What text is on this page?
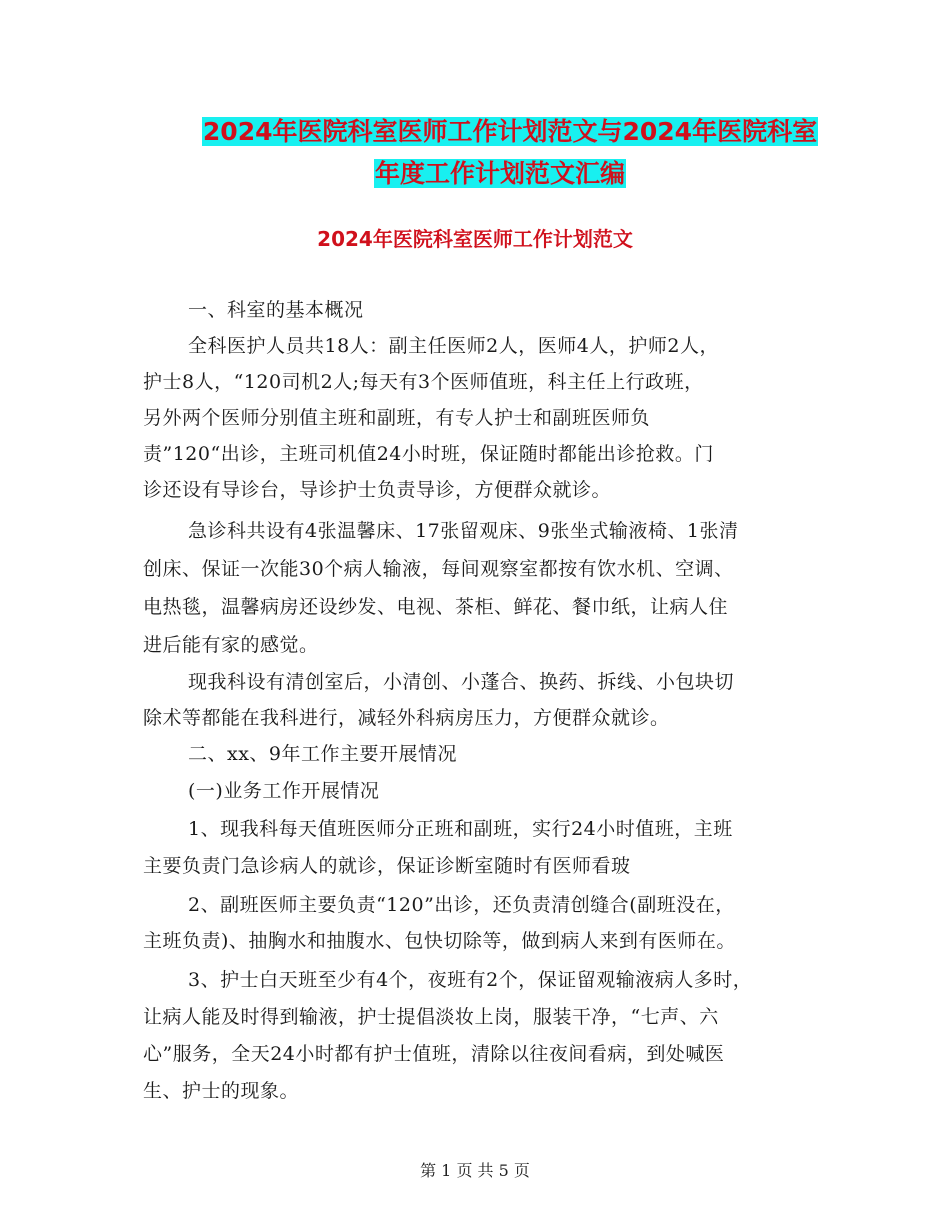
2024年医院科室医师工作计划范文与2024年医院科室
年度工作计划范文汇编
2024年医院科室医师工作计划范文
一、科室的基本概况
全科医护人员共18人：副主任医师2人，医师4人，护师2人，
护士8人，“120司机2人;每天有3个医师值班，科主任上行政班，
另外两个医师分别值主班和副班，有专人护士和副班医师负
责”120“出诊，主班司机值24小时班，保证随时都能出诊抢救。门
诊还设有导诊台，导诊护士负责导诊，方便群众就诊。
急诊科共设有4张温馨床、17张留观床、9张坐式输液椅、1张清
创床、保证一次能30个病人输液，每间观察室都按有饮水机、空调、
电热毯，温馨病房还设纱发、电视、茶柜、鲜花、餐巾纸，让病人住
进后能有家的感觉。
现我科设有清创室后，小清创、小蓬合、换药、拆线、小包块切
除术等都能在我科进行，减轻外科病房压力，方便群众就诊。
二、xx、9年工作主要开展情况
(一)业务工作开展情况
1、现我科每天值班医师分正班和副班，实行24小时值班，主班
主要负责门急诊病人的就诊，保证诊断室随时有医师看玻
2、副班医师主要负责“120”出诊，还负责清创缝合(副班没在，
主班负责)、抽胸水和抽腹水、包快切除等，做到病人来到有医师在。
3、护士白天班至少有4个，夜班有2个，保证留观输液病人多时，
让病人能及时得到输液，护士提倡淡妆上岗，服装干净，“七声、六
心”服务，全天24小时都有护士值班，清除以往夜间看病，到处喊医
生、护士的现象。
第 1 页 共 5 页
